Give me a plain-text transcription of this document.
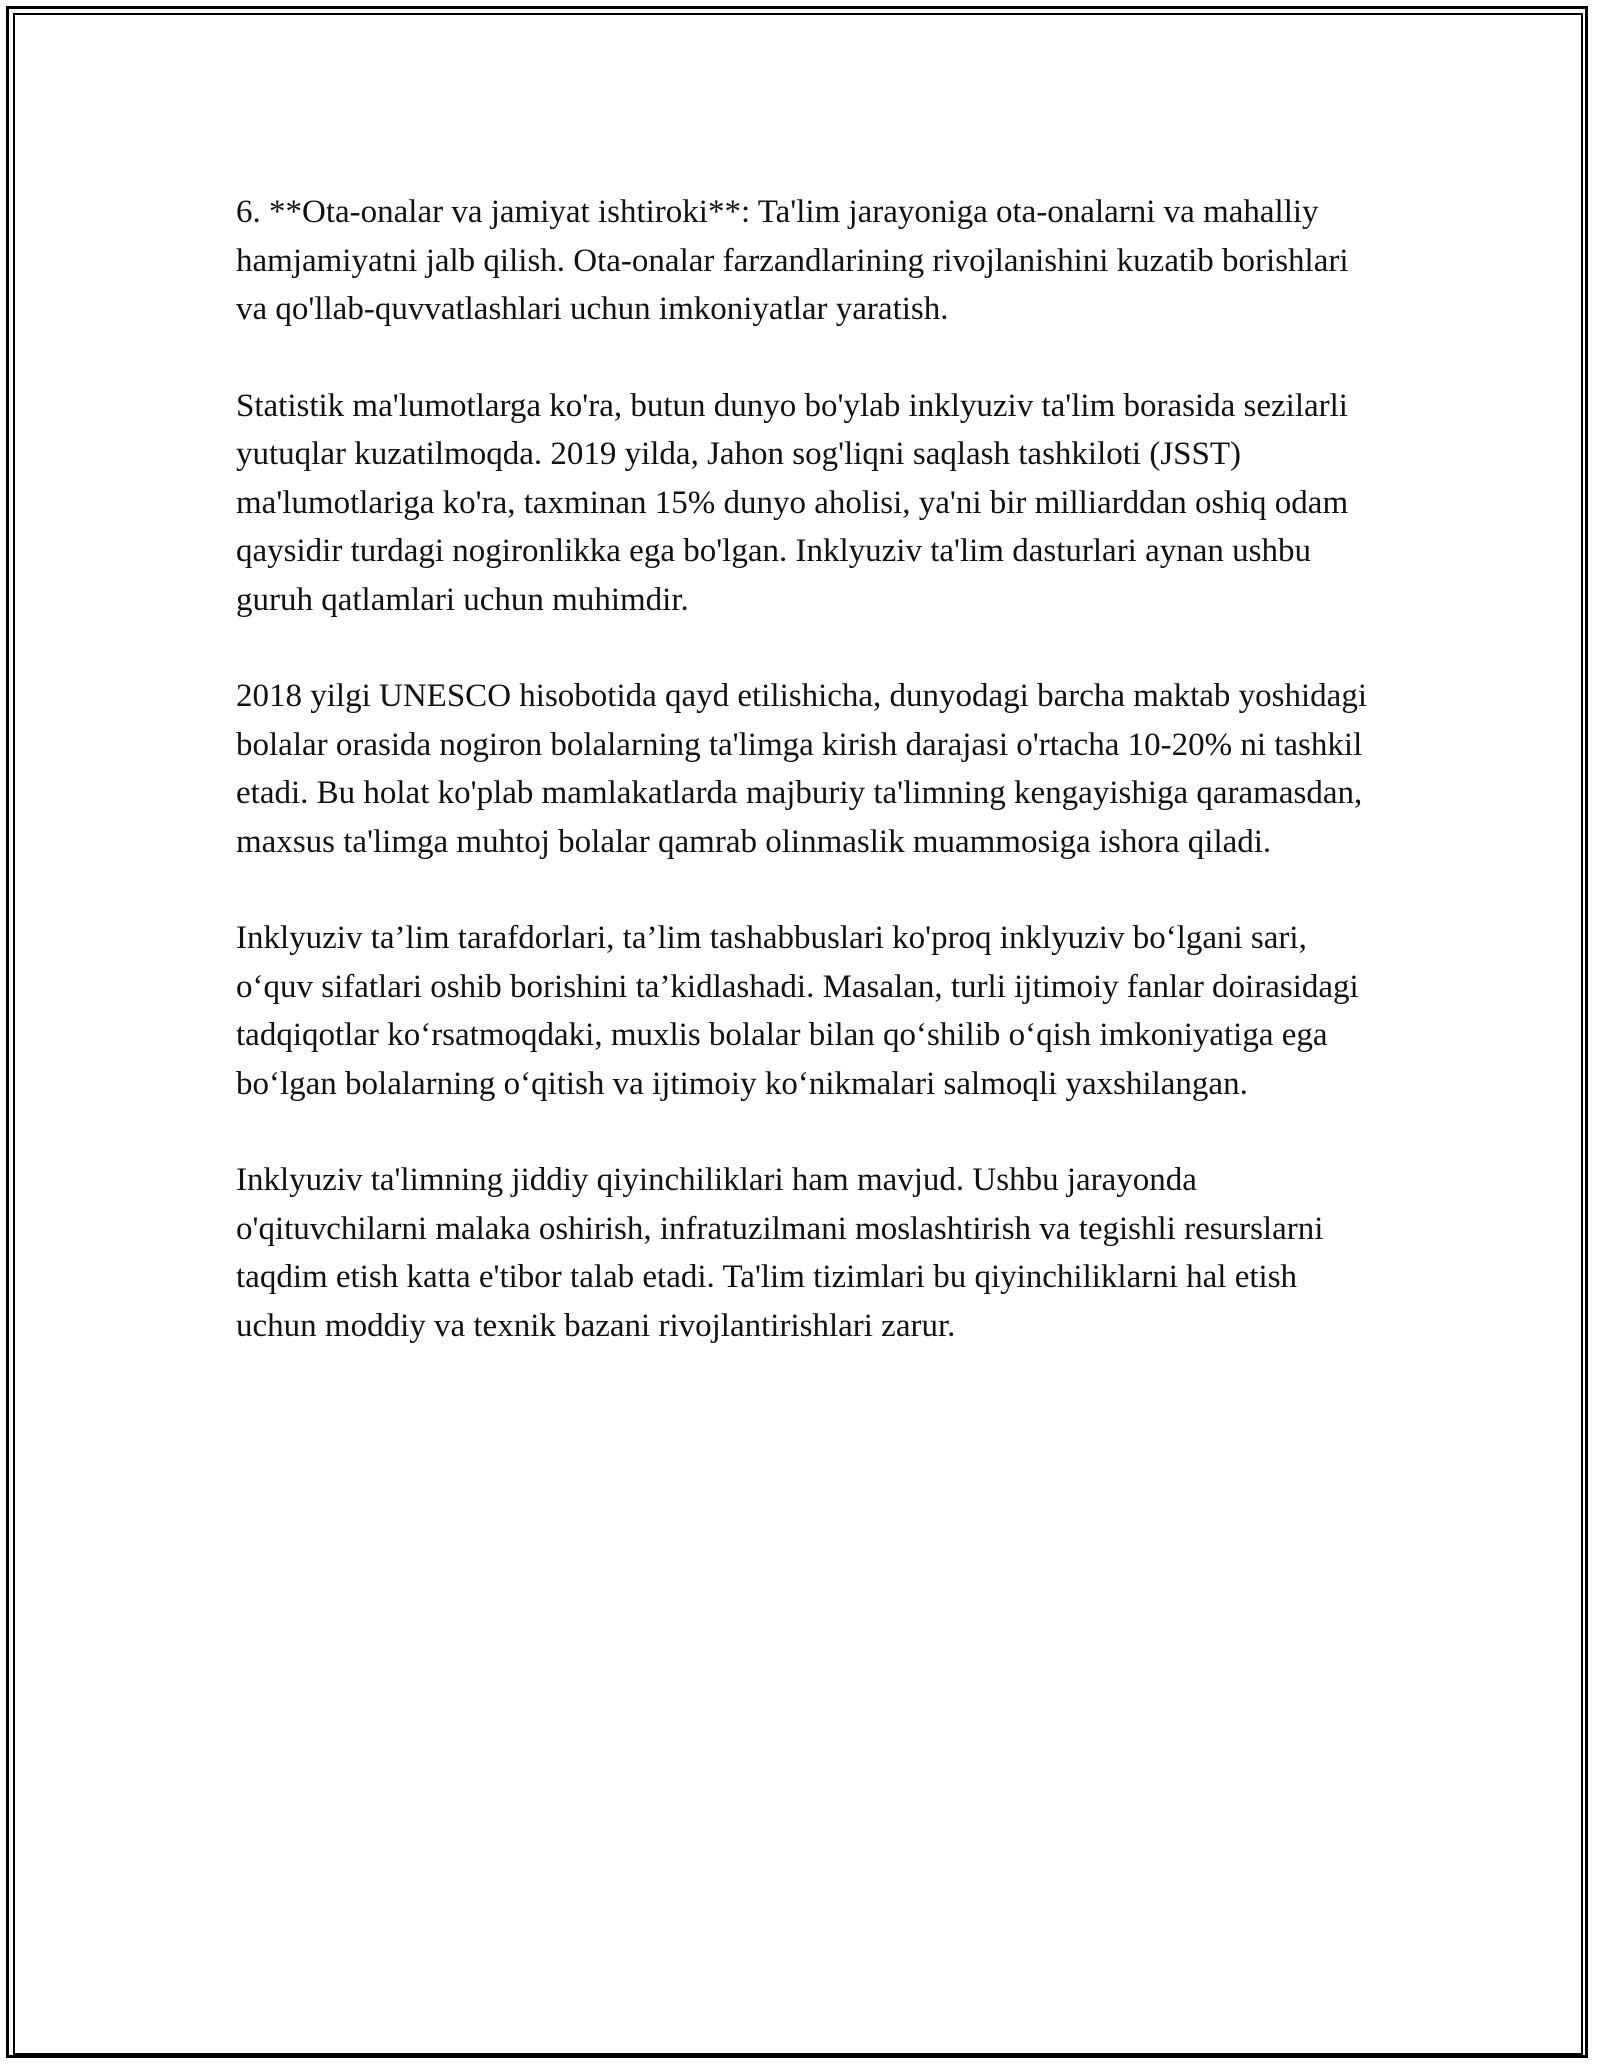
6. **Ota-onalar va jamiyat ishtiroki**: Ta'lim jarayoniga ota-onalarni va mahalliy hamjamiyatni jalb qilish. Ota-onalar farzandlarining rivojlanishini kuzatib borishlari va qo'llab-quvvatlashlari uchun imkoniyatlar yaratish.

Statistik ma'lumotlarga ko'ra, butun dunyo bo'ylab inklyuziv ta'lim borasida sezilarli yutuqlar kuzatilmoqda. 2019 yilda, Jahon sog'liqni saqlash tashkiloti (JSST) ma'lumotlariga ko'ra, taxminan 15% dunyo aholisi, ya'ni bir milliarddan oshiq odam qaysidir turdagi nogironlikka ega bo'lgan. Inklyuziv ta'lim dasturlari aynan ushbu guruh qatlamlari uchun muhimdir.

2018 yilgi UNESCO hisobotida qayd etilishicha, dunyodagi barcha maktab yoshidagi bolalar orasida nogiron bolalarning ta'limga kirish darajasi o'rtacha 10-20% ni tashkil etadi. Bu holat ko'plab mamlakatlarda majburiy ta'limning kengayishiga qaramasdan, maxsus ta'limga muhtoj bolalar qamrab olinmaslik muammosiga ishora qiladi.

Inklyuziv ta’lim tarafdorlari, ta’lim tashabbuslari ko'proq inklyuziv bo‘lgani sari, o‘quv sifatlari oshib borishini ta’kidlashadi. Masalan, turli ijtimoiy fanlar doirasidagi tadqiqotlar ko‘rsatmoqdaki, muxlis bolalar bilan qo‘shilib o‘qish imkoniyatiga ega bo‘lgan bolalarning o‘qitish va ijtimoiy ko‘nikmalari salmoqli yaxshilangan.

Inklyuziv ta'limning jiddiy qiyinchiliklari ham mavjud. Ushbu jarayonda o'qituvchilarni malaka oshirish, infratuzilmani moslashtirish va tegishli resurslarni taqdim etish katta e'tibor talab etadi. Ta'lim tizimlari bu qiyinchiliklarni hal etish uchun moddiy va texnik bazani rivojlantirishlari zarur.
